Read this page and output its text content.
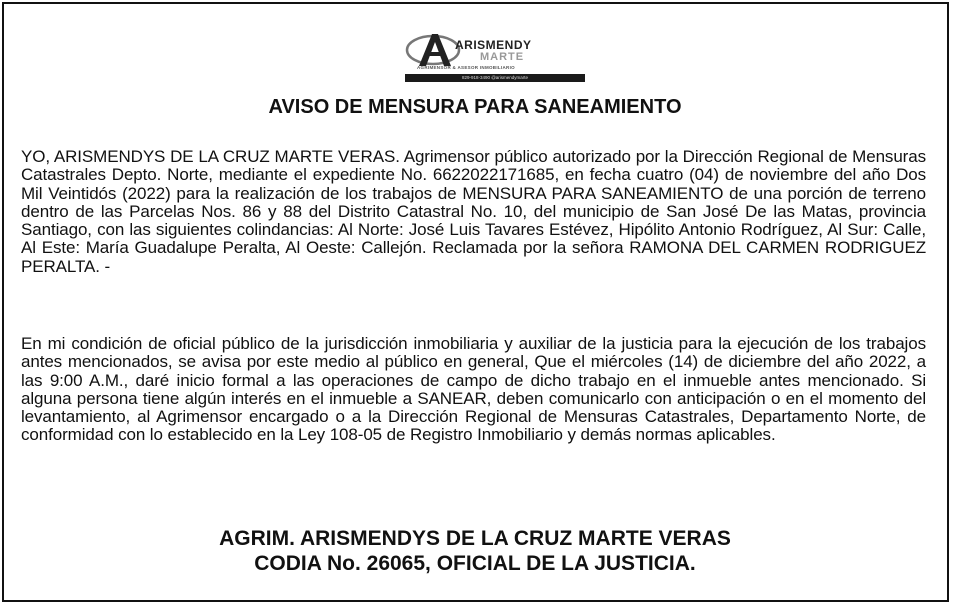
ARISMENDY
MARTE
AGRIMENSOR & ASESOR INMOBILIARIO
829-918-3490 @arismendymarte
AVISO DE MENSURA PARA SANEAMIENTO

YO, ARISMENDYS DE LA CRUZ MARTE VERAS. Agrimensor público autorizado por la Dirección Regional de Mensuras Catastrales Depto. Norte, mediante el expediente No. 6622022171685, en fecha cuatro (04) de noviembre del año Dos Mil Veintidós (2022) para la realización de los trabajos de MENSURA PARA SANEAMIENTO de una porción de terreno dentro de las Parcelas Nos. 86 y 88 del Distrito Catastral No. 10, del municipio de San José De las Matas, provincia Santiago, con las siguientes colindancias: Al Norte: José Luis Tavares Estévez, Hipólito Antonio Rodríguez, Al Sur: Calle, Al Este: María Guadalupe Peralta, Al Oeste: Callejón. Reclamada por la señora RAMONA DEL CARMEN RODRIGUEZ PERALTA. -

En mi condición de oficial público de la jurisdicción inmobiliaria y auxiliar de la justicia para la ejecución de los trabajos antes mencionados, se avisa por este medio al público en general, Que el miércoles (14) de diciembre del año 2022, a las 9:00 A.M., daré inicio formal a las operaciones de campo de dicho trabajo en el inmueble antes mencionado. Si alguna persona tiene algún interés en el inmueble a SANEAR, deben comunicarlo con anticipación o en el momento del levantamiento, al Agrimensor encargado o a la Dirección Regional de Mensuras Catastrales, Departamento Norte, de conformidad con lo establecido en la Ley 108-05 de Registro Inmobiliario y demás normas aplicables.

AGRIM. ARISMENDYS DE LA CRUZ MARTE VERAS

CODIA No. 26065, OFICIAL DE LA JUSTICIA.
